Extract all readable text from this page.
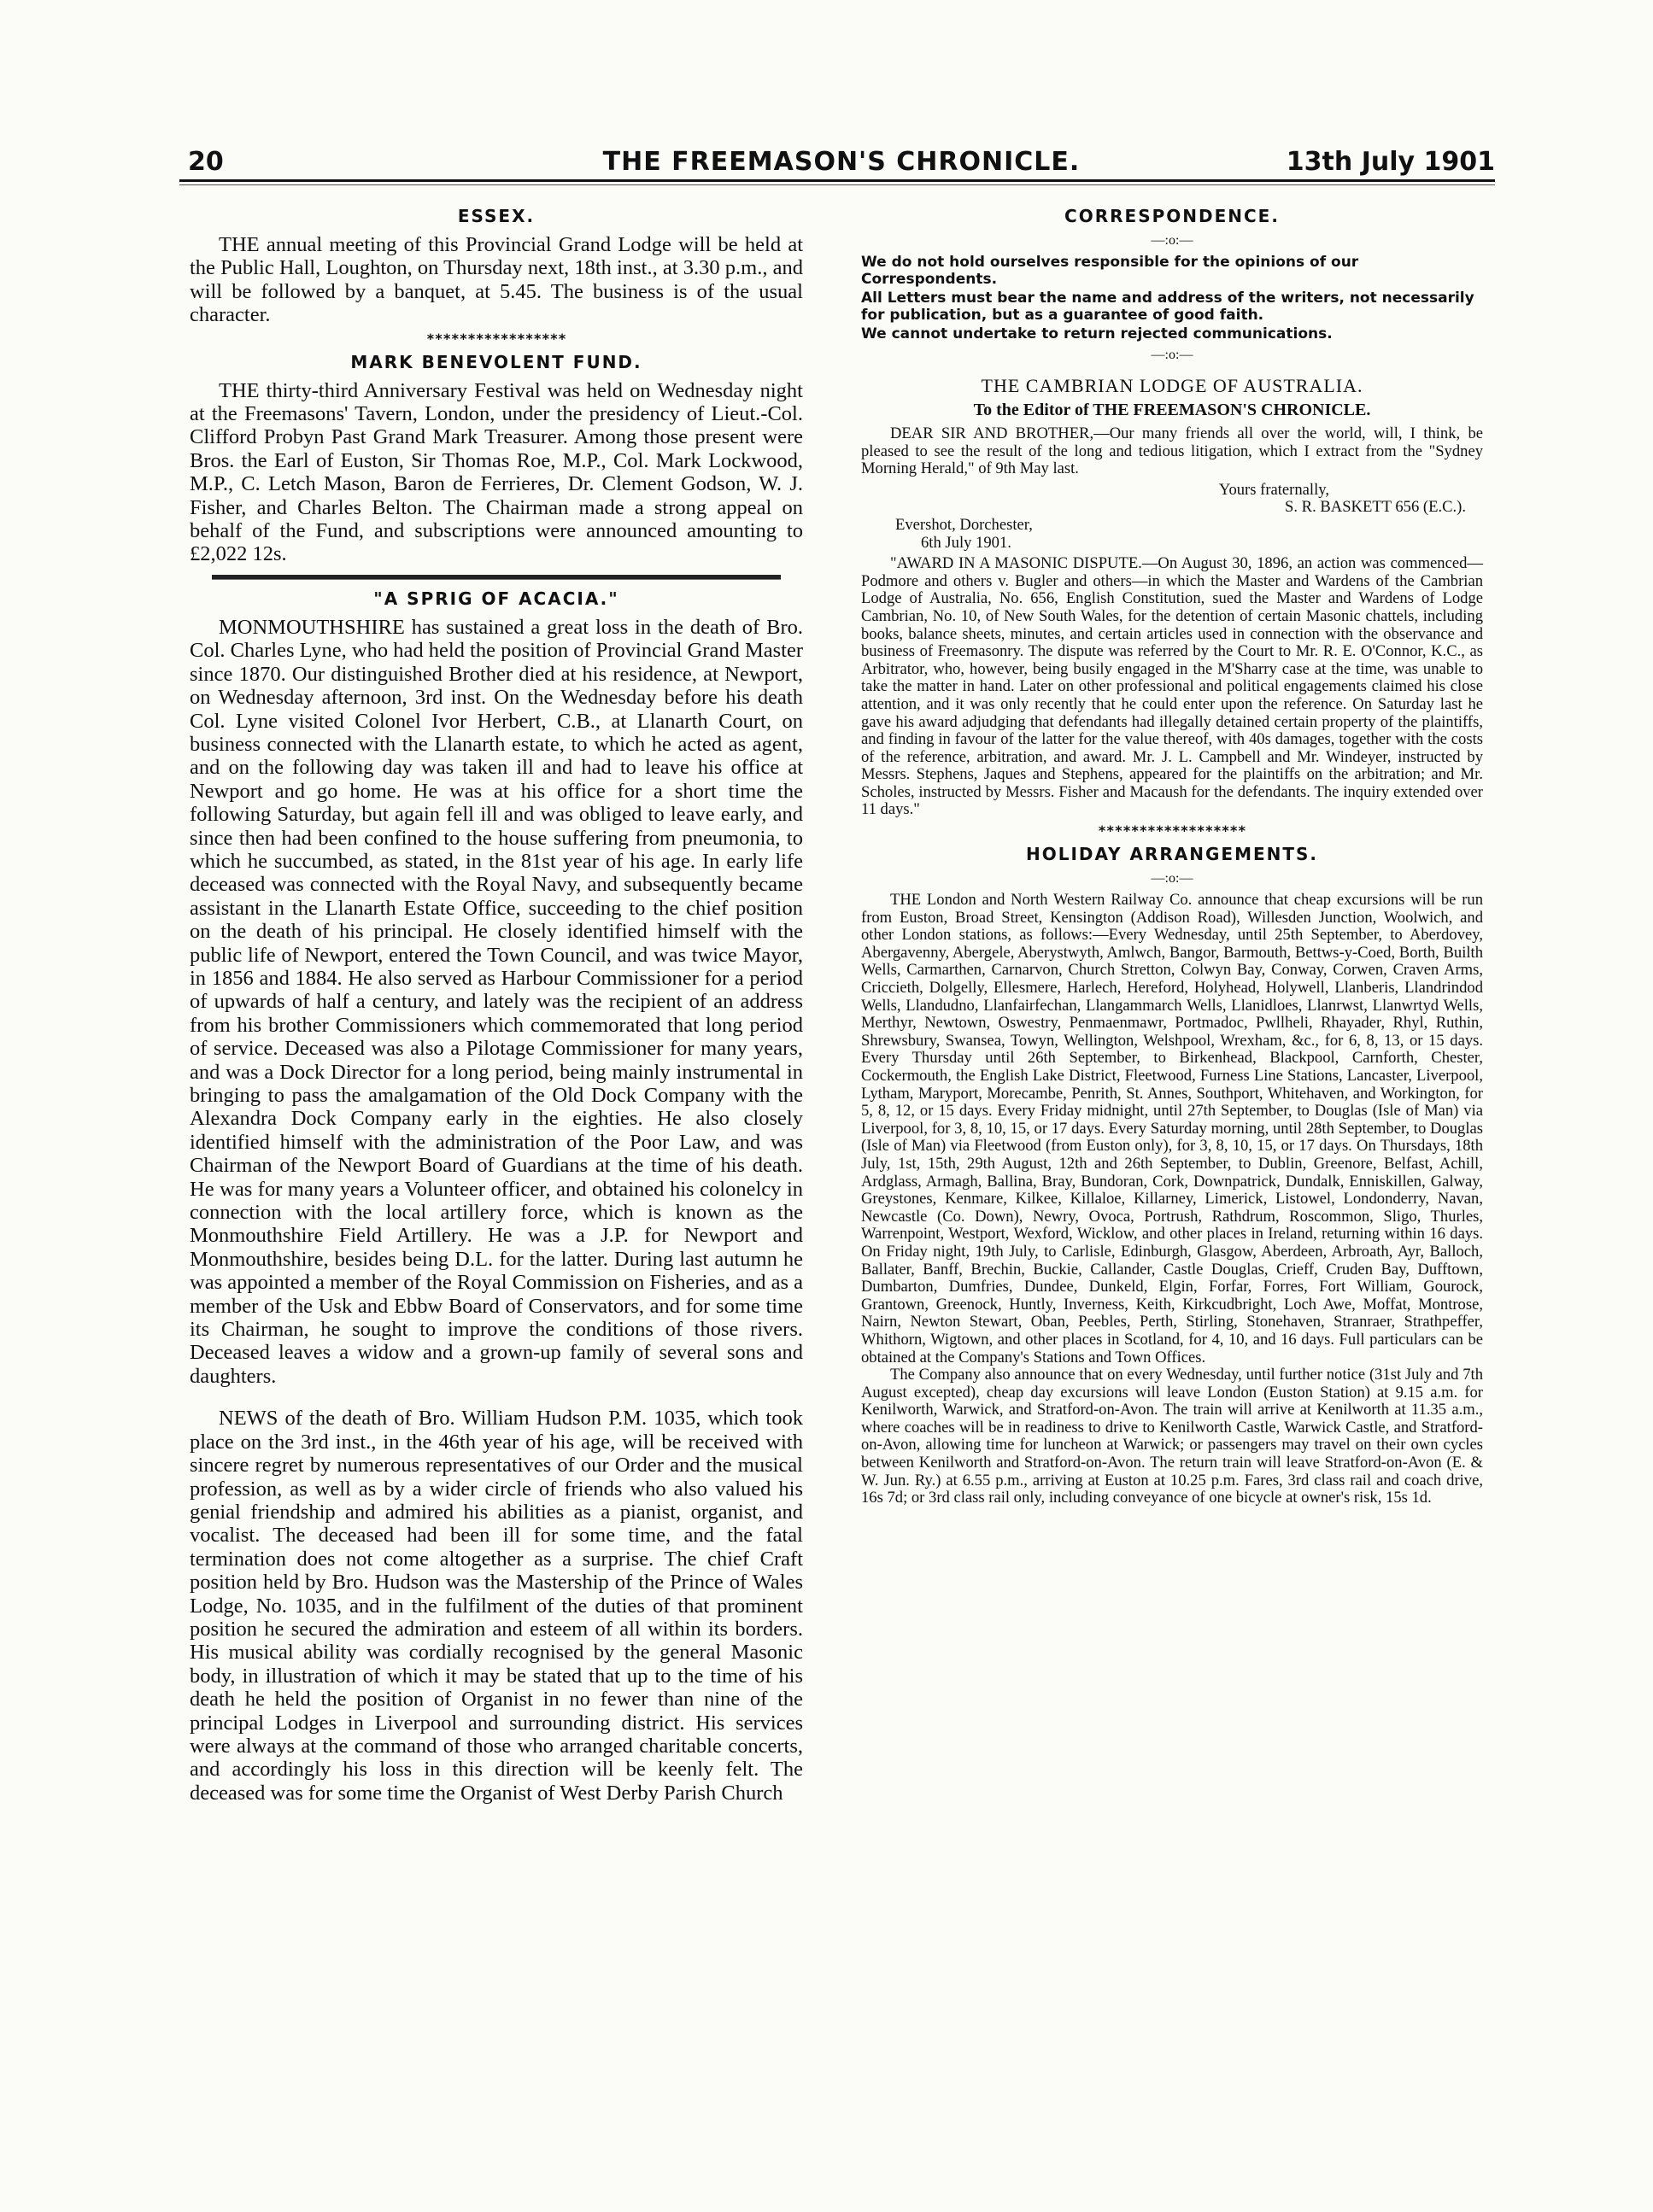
20	THE FREEMASON'S CHRONICLE.	13th July 1901
ESSEX.

THE annual meeting of this Provincial Grand Lodge will be held at the Public Hall, Loughton, on Thursday next, 18th inst., at 3.30 p.m., and will be followed by a banquet, at 5.45. The business is of the usual character.

*****************
MARK BENEVOLENT FUND.

THE thirty-third Anniversary Festival was held on Wednesday night at the Freemasons' Tavern, London, under the presidency of Lieut.-Col. Clifford Probyn Past Grand Mark Treasurer. Among those present were Bros. the Earl of Euston, Sir Thomas Roe, M.P., Col. Mark Lockwood, M.P., C. Letch Mason, Baron de Ferrieres, Dr. Clement Godson, W. J. Fisher, and Charles Belton. The Chairman made a strong appeal on behalf of the Fund, and subscriptions were announced amounting to £2,022 12s.

"A SPRIG OF ACACIA."

MONMOUTHSHIRE has sustained a great loss in the death of Bro. Col. Charles Lyne, who had held the position of Provincial Grand Master since 1870. Our distinguished Brother died at his residence, at Newport, on Wednesday afternoon, 3rd inst. On the Wednesday before his death Col. Lyne visited Colonel Ivor Herbert, C.B., at Llanarth Court, on business connected with the Llanarth estate, to which he acted as agent, and on the following day was taken ill and had to leave his office at Newport and go home. He was at his office for a short time the following Saturday, but again fell ill and was obliged to leave early, and since then had been confined to the house suffering from pneumonia, to which he succumbed, as stated, in the 81st year of his age. In early life deceased was connected with the Royal Navy, and subsequently became assistant in the Llanarth Estate Office, succeeding to the chief position on the death of his principal. He closely identified himself with the public life of Newport, entered the Town Council, and was twice Mayor, in 1856 and 1884. He also served as Harbour Commissioner for a period of upwards of half a century, and lately was the recipient of an address from his brother Commissioners which commemorated that long period of service. Deceased was also a Pilotage Commissioner for many years, and was a Dock Director for a long period, being mainly instrumental in bringing to pass the amalgamation of the Old Dock Company with the Alexandra Dock Company early in the eighties. He also closely identified himself with the administration of the Poor Law, and was Chairman of the Newport Board of Guardians at the time of his death. He was for many years a Volunteer officer, and obtained his colonelcy in connection with the local artillery force, which is known as the Monmouthshire Field Artillery. He was a J.P. for Newport and Monmouthshire, besides being D.L. for the latter. During last autumn he was appointed a member of the Royal Commission on Fisheries, and as a member of the Usk and Ebbw Board of Conservators, and for some time its Chairman, he sought to improve the conditions of those rivers. Deceased leaves a widow and a grown-up family of several sons and daughters.

NEWS of the death of Bro. William Hudson P.M. 1035, which took place on the 3rd inst., in the 46th year of his age, will be received with sincere regret by numerous representatives of our Order and the musical profession, as well as by a wider circle of friends who also valued his genial friendship and admired his abilities as a pianist, organist, and vocalist. The deceased had been ill for some time, and the fatal termination does not come altogether as a surprise. The chief Craft position held by Bro. Hudson was the Mastership of the Prince of Wales Lodge, No. 1035, and in the fulfilment of the duties of that prominent position he secured the admiration and esteem of all within its borders. His musical ability was cordially recognised by the general Masonic body, in illustration of which it may be stated that up to the time of his death he held the position of Organist in no fewer than nine of the principal Lodges in Liverpool and surrounding district. His services were always at the command of those who arranged charitable concerts, and accordingly his loss in this direction will be keenly felt. The deceased was for some time the Organist of West Derby Parish Church

CORRESPONDENCE.
—:o:—
We do not hold ourselves responsible for the opinions of our Correspondents.
All Letters must bear the name and address of the writers, not necessarily for publication, but as a guarantee of good faith.
We cannot undertake to return rejected communications.
—:o:—
THE CAMBRIAN LODGE OF AUSTRALIA.
To the Editor of THE FREEMASON'S CHRONICLE.

DEAR SIR AND BROTHER,—Our many friends all over the world, will, I think, be pleased to see the result of the long and tedious litigation, which I extract from the "Sydney Morning Herald," of 9th May last.

Yours fraternally,

S. R. BASKETT 656 (E.C.).

Evershot, Dorchester,

6th July 1901.

"AWARD IN A MASONIC DISPUTE.—On August 30, 1896, an action was commenced—Podmore and others v. Bugler and others—in which the Master and Wardens of the Cambrian Lodge of Australia, No. 656, English Constitution, sued the Master and Wardens of Lodge Cambrian, No. 10, of New South Wales, for the detention of certain Masonic chattels, including books, balance sheets, minutes, and certain articles used in connection with the observance and business of Freemasonry. The dispute was referred by the Court to Mr. R. E. O'Connor, K.C., as Arbitrator, who, however, being busily engaged in the M'Sharry case at the time, was unable to take the matter in hand. Later on other professional and political engagements claimed his close attention, and it was only recently that he could enter upon the reference. On Saturday last he gave his award adjudging that defendants had illegally detained certain property of the plaintiffs, and finding in favour of the latter for the value thereof, with 40s damages, together with the costs of the reference, arbitration, and award. Mr. J. L. Campbell and Mr. Windeyer, instructed by Messrs. Stephens, Jaques and Stephens, appeared for the plaintiffs on the arbitration; and Mr. Scholes, instructed by Messrs. Fisher and Macaush for the defendants. The inquiry extended over 11 days."

******************
HOLIDAY ARRANGEMENTS.
—:o:—

THE London and North Western Railway Co. announce that cheap excursions will be run from Euston, Broad Street, Kensington (Addison Road), Willesden Junction, Woolwich, and other London stations, as follows:—Every Wednesday, until 25th September, to Aberdovey, Abergavenny, Abergele, Aberystwyth, Amlwch, Bangor, Barmouth, Bettws-y-Coed, Borth, Builth Wells, Carmarthen, Carnarvon, Church Stretton, Colwyn Bay, Conway, Corwen, Craven Arms, Criccieth, Dolgelly, Ellesmere, Harlech, Hereford, Holyhead, Holywell, Llanberis, Llandrindod Wells, Llandudno, Llanfairfechan, Llangammarch Wells, Llanidloes, Llanrwst, Llanwrtyd Wells, Merthyr, Newtown, Oswestry, Penmaenmawr, Portmadoc, Pwllheli, Rhayader, Rhyl, Ruthin, Shrewsbury, Swansea, Towyn, Wellington, Welshpool, Wrexham, &c., for 6, 8, 13, or 15 days. Every Thursday until 26th September, to Birkenhead, Blackpool, Carnforth, Chester, Cockermouth, the English Lake District, Fleetwood, Furness Line Stations, Lancaster, Liverpool, Lytham, Maryport, Morecambe, Penrith, St. Annes, Southport, Whitehaven, and Workington, for 5, 8, 12, or 15 days. Every Friday midnight, until 27th September, to Douglas (Isle of Man) via Liverpool, for 3, 8, 10, 15, or 17 days. Every Saturday morning, until 28th September, to Douglas (Isle of Man) via Fleetwood (from Euston only), for 3, 8, 10, 15, or 17 days. On Thursdays, 18th July, 1st, 15th, 29th August, 12th and 26th September, to Dublin, Greenore, Belfast, Achill, Ardglass, Armagh, Ballina, Bray, Bundoran, Cork, Downpatrick, Dundalk, Enniskillen, Galway, Greystones, Kenmare, Kilkee, Killaloe, Killarney, Limerick, Listowel, Londonderry, Navan, Newcastle (Co. Down), Newry, Ovoca, Portrush, Rathdrum, Roscommon, Sligo, Thurles, Warrenpoint, Westport, Wexford, Wicklow, and other places in Ireland, returning within 16 days. On Friday night, 19th July, to Carlisle, Edinburgh, Glasgow, Aberdeen, Arbroath, Ayr, Balloch, Ballater, Banff, Brechin, Buckie, Callander, Castle Douglas, Crieff, Cruden Bay, Dufftown, Dumbarton, Dumfries, Dundee, Dunkeld, Elgin, Forfar, Forres, Fort William, Gourock, Grantown, Greenock, Huntly, Inverness, Keith, Kirkcudbright, Loch Awe, Moffat, Montrose, Nairn, Newton Stewart, Oban, Peebles, Perth, Stirling, Stonehaven, Stranraer, Strathpeffer, Whithorn, Wigtown, and other places in Scotland, for 4, 10, and 16 days. Full particulars can be obtained at the Company's Stations and Town Offices.

The Company also announce that on every Wednesday, until further notice (31st July and 7th August excepted), cheap day excursions will leave London (Euston Station) at 9.15 a.m. for Kenilworth, Warwick, and Stratford-on-Avon. The train will arrive at Kenilworth at 11.35 a.m., where coaches will be in readiness to drive to Kenilworth Castle, Warwick Castle, and Stratford-on-Avon, allowing time for luncheon at Warwick; or passengers may travel on their own cycles between Kenilworth and Stratford-on-Avon. The return train will leave Stratford-on-Avon (E. & W. Jun. Ry.) at 6.55 p.m., arriving at Euston at 10.25 p.m. Fares, 3rd class rail and coach drive, 16s 7d; or 3rd class rail only, including conveyance of one bicycle at owner's risk, 15s 1d.
